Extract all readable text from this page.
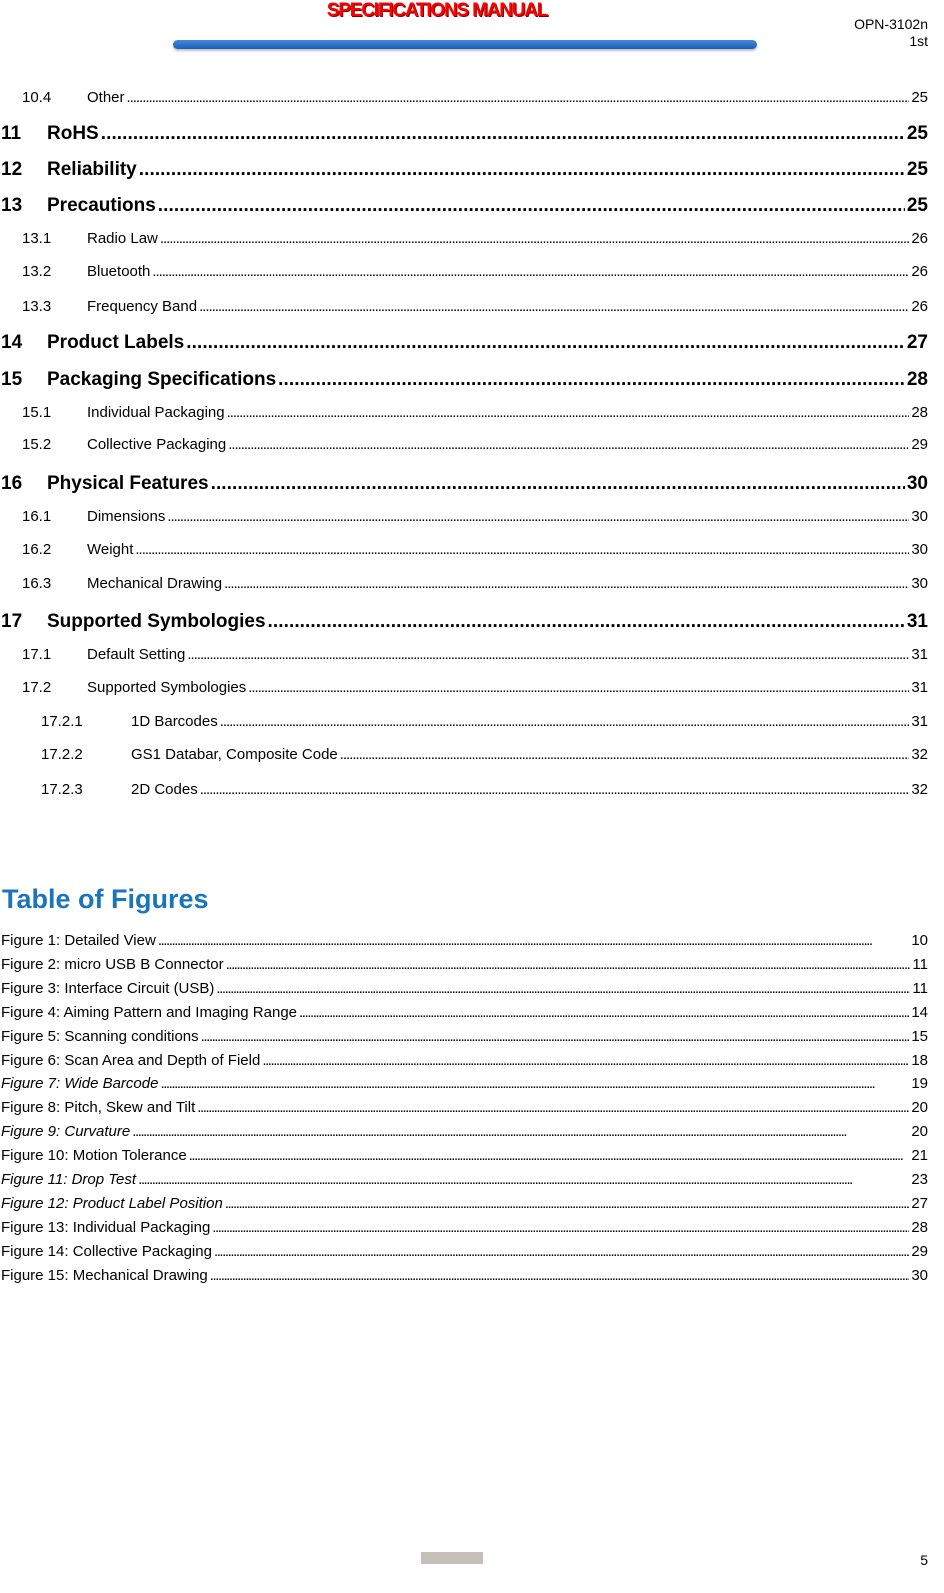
SPECIFICATIONS MANUAL
OPN-3102n
1st
10.4	Other . . .	25
11	RoHS . . .	25
12	Reliability . . .	25
13	Precautions . . .	25
13.1	Radio Law . . .	26
13.2	Bluetooth . . .	26
13.3	Frequency Band . . .	26
14	Product Labels . . .	27
15	Packaging Specifications . . .	28
15.1	Individual Packaging . . .	28
15.2	Collective Packaging . . .	29
16	Physical Features . . .	30
16.1	Dimensions . . .	30
16.2	Weight . . .	30
16.3	Mechanical Drawing . . .	30
17	Supported Symbologies . . .	31
17.1	Default Setting . . .	31
17.2	Supported Symbologies . . .	31
17.2.1	1D Barcodes . . .	31
17.2.2	GS1 Databar, Composite Code . . .	32
17.2.3	2D Codes . . .	32
Table of Figures
Figure 1: Detailed View . . .	10
Figure 2: micro USB B Connector . . .	11
Figure 3: Interface Circuit (USB) . . .	11
Figure 4: Aiming Pattern and Imaging Range . . .	14
Figure 5: Scanning conditions . . .	15
Figure 6: Scan Area and Depth of Field . . .	18
Figure 7: Wide Barcode . . .	19
Figure 8: Pitch, Skew and Tilt . . .	20
Figure 9: Curvature . . .	20
Figure 10: Motion Tolerance . . .	21
Figure 11: Drop Test . . .	23
Figure 12: Product Label Position . . .	27
Figure 13: Individual Packaging . . .	28
Figure 14: Collective Packaging . . .	29
Figure 15: Mechanical Drawing . . .	30
5
